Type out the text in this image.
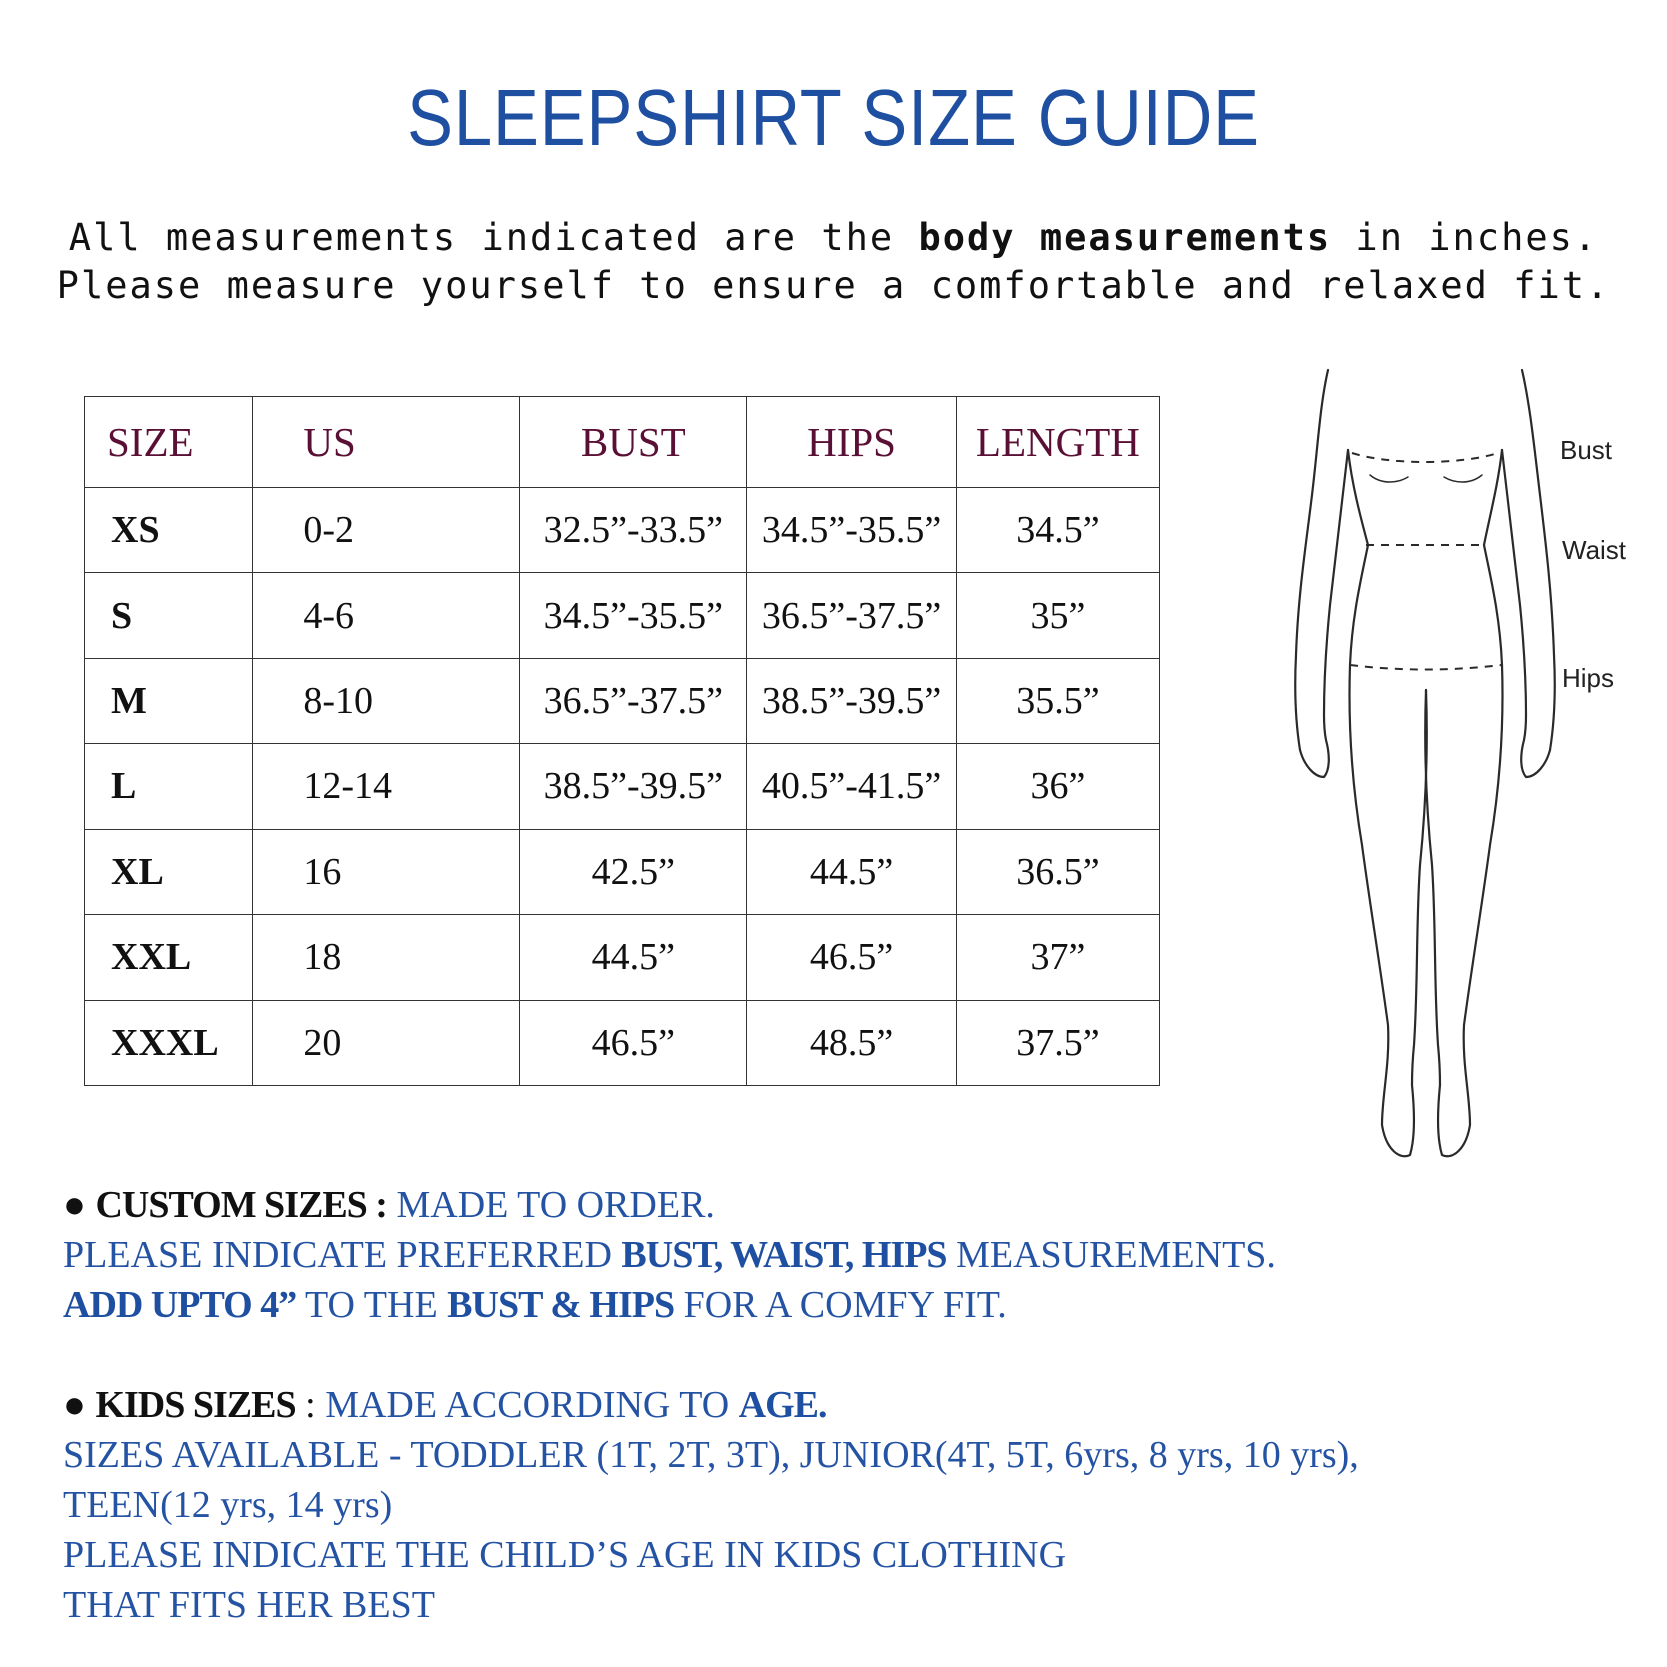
SLEEPSHIRT SIZE GUIDE
All measurements indicated are the body measurements in inches.
Please measure yourself to ensure a comfortable and relaxed fit.
SIZE	US	BUST	HIPS	LENGTH
XS	0-2	32.5”-33.5”	34.5”-35.5”	34.5”
S	4-6	34.5”-35.5”	36.5”-37.5”	35”
M	8-10	36.5”-37.5”	38.5”-39.5”	35.5”
L	12-14	38.5”-39.5”	40.5”-41.5”	36”
XL	16	42.5”	44.5”	36.5”
XXL	18	44.5”	46.5”	37”
XXXL	20	46.5”	48.5”	37.5”
Bust
Waist
Hips
● CUSTOM SIZES : MADE TO ORDER.
PLEASE INDICATE PREFERRED BUST, WAIST, HIPS MEASUREMENTS.
ADD UPTO 4” TO THE BUST & HIPS FOR A COMFY FIT.
● KIDS SIZES : MADE ACCORDING TO AGE.
SIZES AVAILABLE - TODDLER (1T, 2T, 3T), JUNIOR(4T, 5T, 6yrs, 8 yrs, 10 yrs),
TEEN(12 yrs, 14 yrs)
PLEASE INDICATE THE CHILD’S AGE IN KIDS CLOTHING
THAT FITS HER BEST
